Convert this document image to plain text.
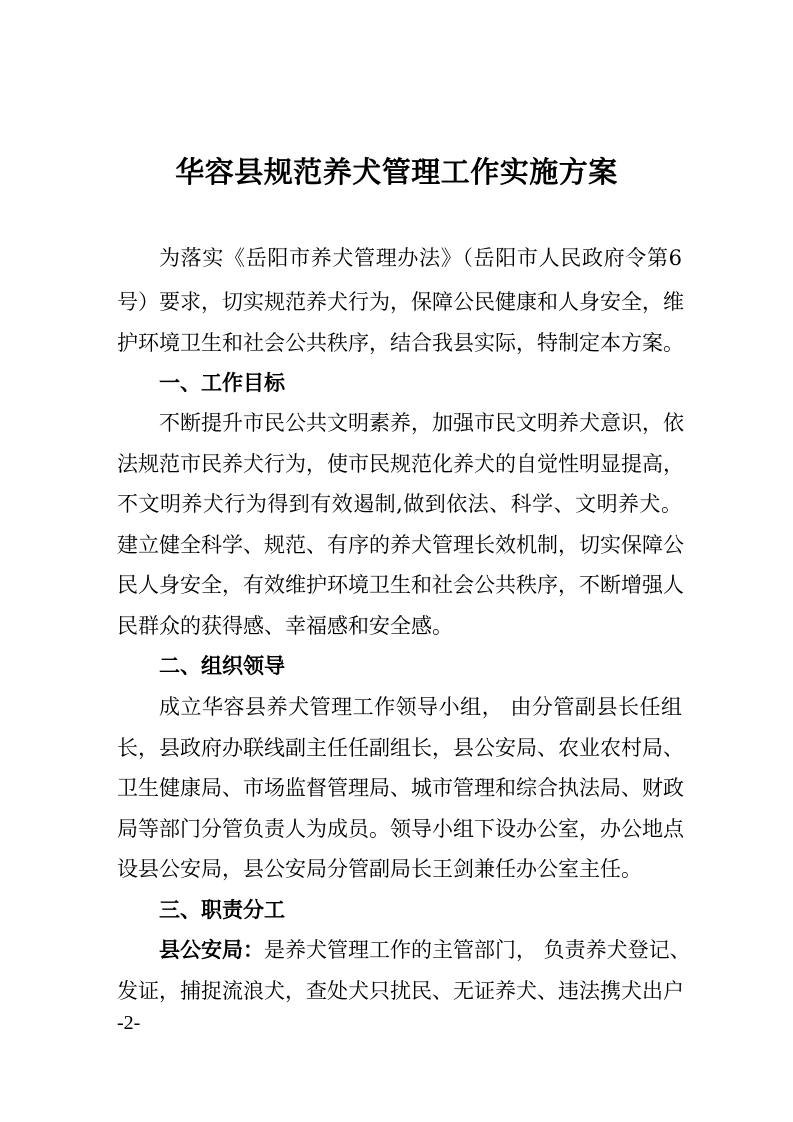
华容县规范养犬管理工作实施方案
为落实《岳阳市养犬管理办法》（岳阳市人民政府令第6
号）要求，切实规范养犬行为，保障公民健康和人身安全，维
护环境卫生和社会公共秩序，结合我县实际，特制定本方案。
一、工作目标
不断提升市民公共文明素养，加强市民文明养犬意识，依
法规范市民养犬行为，使市民规范化养犬的自觉性明显提高，
不文明养犬行为得到有效遏制,做到依法、科学、文明养犬。
建立健全科学、规范、有序的养犬管理长效机制，切实保障公
民人身安全，有效维护环境卫生和社会公共秩序，不断增强人
民群众的获得感、幸福感和安全感。
二、组织领导
成立华容县养犬管理工作领导小组， 由分管副县长任组
长，县政府办联线副主任任副组长，县公安局、农业农村局、
卫生健康局、市场监督管理局、城市管理和综合执法局、财政
局等部门分管负责人为成员。领导小组下设办公室，办公地点
设县公安局，县公安局分管副局长王剑兼任办公室主任。
三、职责分工
县公安局：是养犬管理工作的主管部门， 负责养犬登记、
发证，捕捉流浪犬，查处犬只扰民、无证养犬、违法携犬出户
-2-
